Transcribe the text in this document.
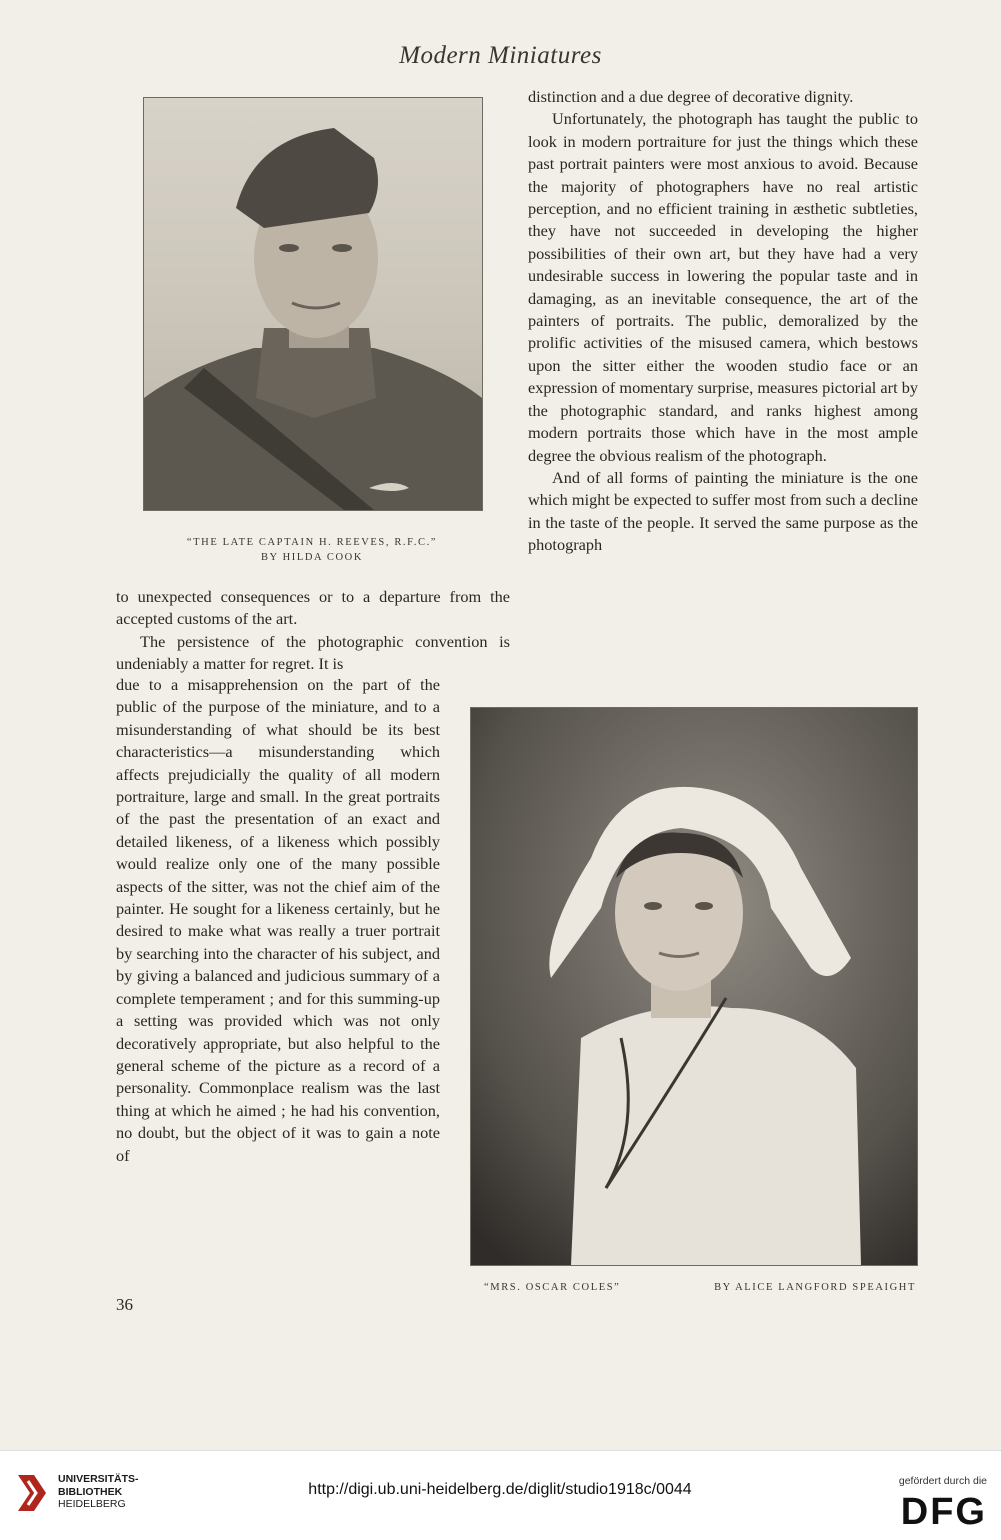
Modern Miniatures
“THE LATE CAPTAIN H. REEVES, R.F.C.”
BY HILDA COOK

distinction and a due degree of decorative dignity.

Unfortunately, the photograph has taught the public to look in modern portraiture for just the things which these past portrait painters were most anxious to avoid. Because the majority of photographers have no real artistic perception, and no efficient training in æsthetic subtleties, they have not succeeded in developing the higher possibilities of their own art, but they have had a very undesirable success in lowering the popular taste and in damaging, as an inevitable consequence, the art of the painters of portraits. The public, demoralized by the prolific activities of the misused camera, which bestows upon the sitter either the wooden studio face or an expression of momentary surprise, measures pictorial art by the photographic standard, and ranks highest among modern portraits those which have in the most ample degree the obvious realism of the photograph.

And of all forms of painting the miniature is the one which might be expected to suffer most from such a decline in the taste of the people. It served the same purpose as the photograph

to unexpected consequences or to a departure from the accepted customs of the art.

The persistence of the photographic convention is undeniably a matter for regret. It is

due to a misapprehension on the part of the public of the purpose of the miniature, and to a misunderstanding of what should be its best characteristics—a misunderstanding which affects prejudicially the quality of all modern portraiture, large and small. In the great portraits of the past the presentation of an exact and detailed likeness, of a likeness which possibly would realize only one of the many possible aspects of the sitter, was not the chief aim of the painter. He sought for a likeness certainly, but he desired to make what was really a truer portrait by searching into the character of his subject, and by giving a balanced and judicious summary of a complete temperament ; and for this summing-up a setting was provided which was not only decoratively appropriate, but also helpful to the general scheme of the picture as a record of a personality. Commonplace realism was the last thing at which he aimed ; he had his convention, no doubt, but the object of it was to gain a note of

“MRS. OSCAR COLES”	BY ALICE LANGFORD SPEAIGHT
36
UNIVERSITÄTS-
BIBLIOTHEK
HEIDELBERG
http://digi.ub.uni-heidelberg.de/diglit/studio1918c/0044	gefördert durch die
DFG
